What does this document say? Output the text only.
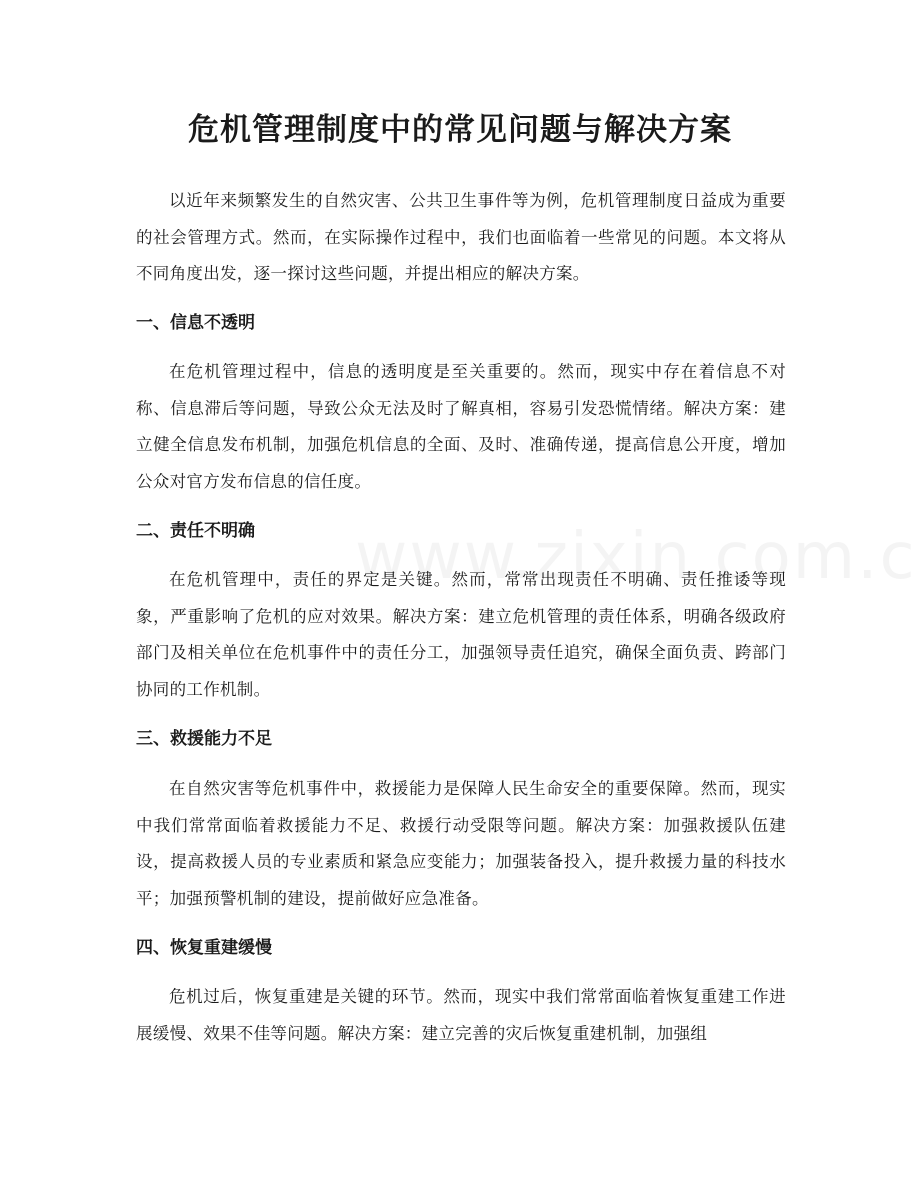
危机管理制度中的常见问题与解决方案

以近年来频繁发生的自然灾害、公共卫生事件等为例，危机管理制度日益成为重要的社会管理方式。然而，在实际操作过程中，我们也面临着一些常见的问题。本文将从不同角度出发，逐一探讨这些问题，并提出相应的解决方案。

一、信息不透明

在危机管理过程中，信息的透明度是至关重要的。然而，现实中存在着信息不对称、信息滞后等问题，导致公众无法及时了解真相，容易引发恐慌情绪。解决方案：建立健全信息发布机制，加强危机信息的全面、及时、准确传递，提高信息公开度，增加公众对官方发布信息的信任度。

二、责任不明确

在危机管理中，责任的界定是关键。然而，常常出现责任不明确、责任推诿等现象，严重影响了危机的应对效果。解决方案：建立危机管理的责任体系，明确各级政府部门及相关单位在危机事件中的责任分工，加强领导责任追究，确保全面负责、跨部门协同的工作机制。

三、救援能力不足

在自然灾害等危机事件中，救援能力是保障人民生命安全的重要保障。然而，现实中我们常常面临着救援能力不足、救援行动受限等问题。解决方案：加强救援队伍建设，提高救援人员的专业素质和紧急应变能力；加强装备投入，提升救援力量的科技水平；加强预警机制的建设，提前做好应急准备。

四、恢复重建缓慢

危机过后，恢复重建是关键的环节。然而，现实中我们常常面临着恢复重建工作进展缓慢、效果不佳等问题。解决方案：建立完善的灾后恢复重建机制，加强组
